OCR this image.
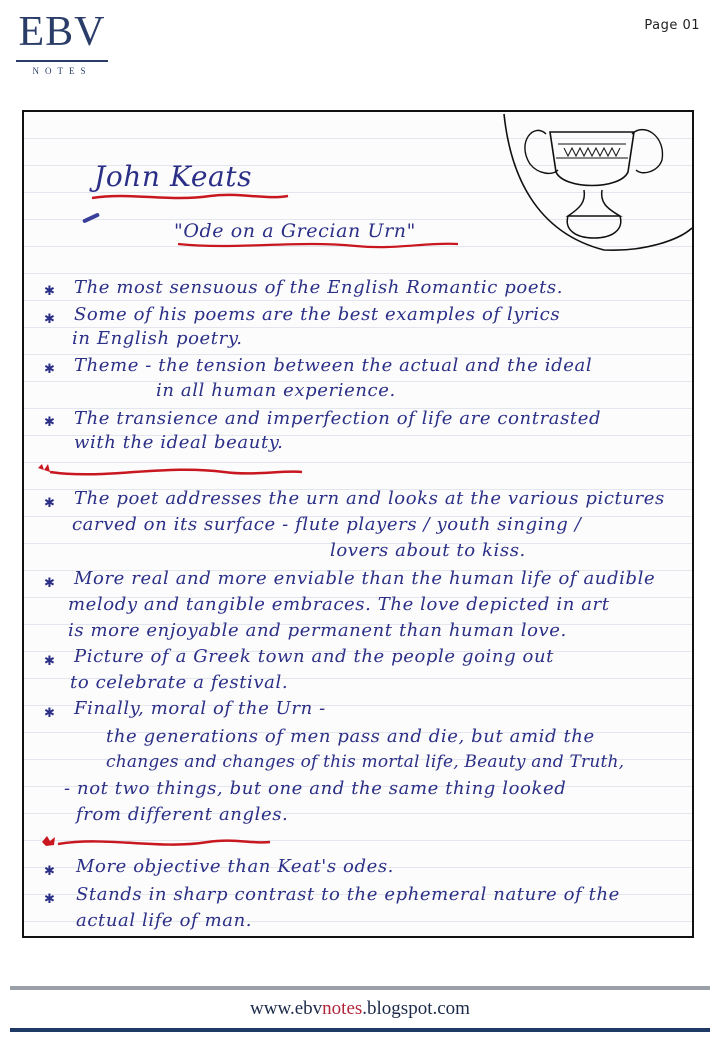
EBV
NOTES
Page 01
John Keats
"Ode on a Grecian Urn"
✱ The most sensuous of the English Romantic poets.
✱ Some of his poems are the best examples of lyrics
in English poetry.
✱ Theme - the tension between the actual and the ideal
in all human experience.
✱ The transience and imperfection of life are contrasted
with the ideal beauty.
✱ The poet addresses the urn and looks at the various pictures
carved on its surface - flute players / youth singing /
lovers about to kiss.
✱ More real and more enviable than the human life of audible
melody and tangible embraces. The love depicted in art
is more enjoyable and permanent than human love.
✱ Picture of a Greek town and the people going out
to celebrate a festival.
✱ Finally, moral of the Urn -
the generations of men pass and die, but amid the
changes and changes of this mortal life, Beauty and Truth,
- not two things, but one and the same thing looked
from different angles.
✱ More objective than Keat's odes.
✱ Stands in sharp contrast to the ephemeral nature of the
actual life of man.
www.ebvnotes.blogspot.com
